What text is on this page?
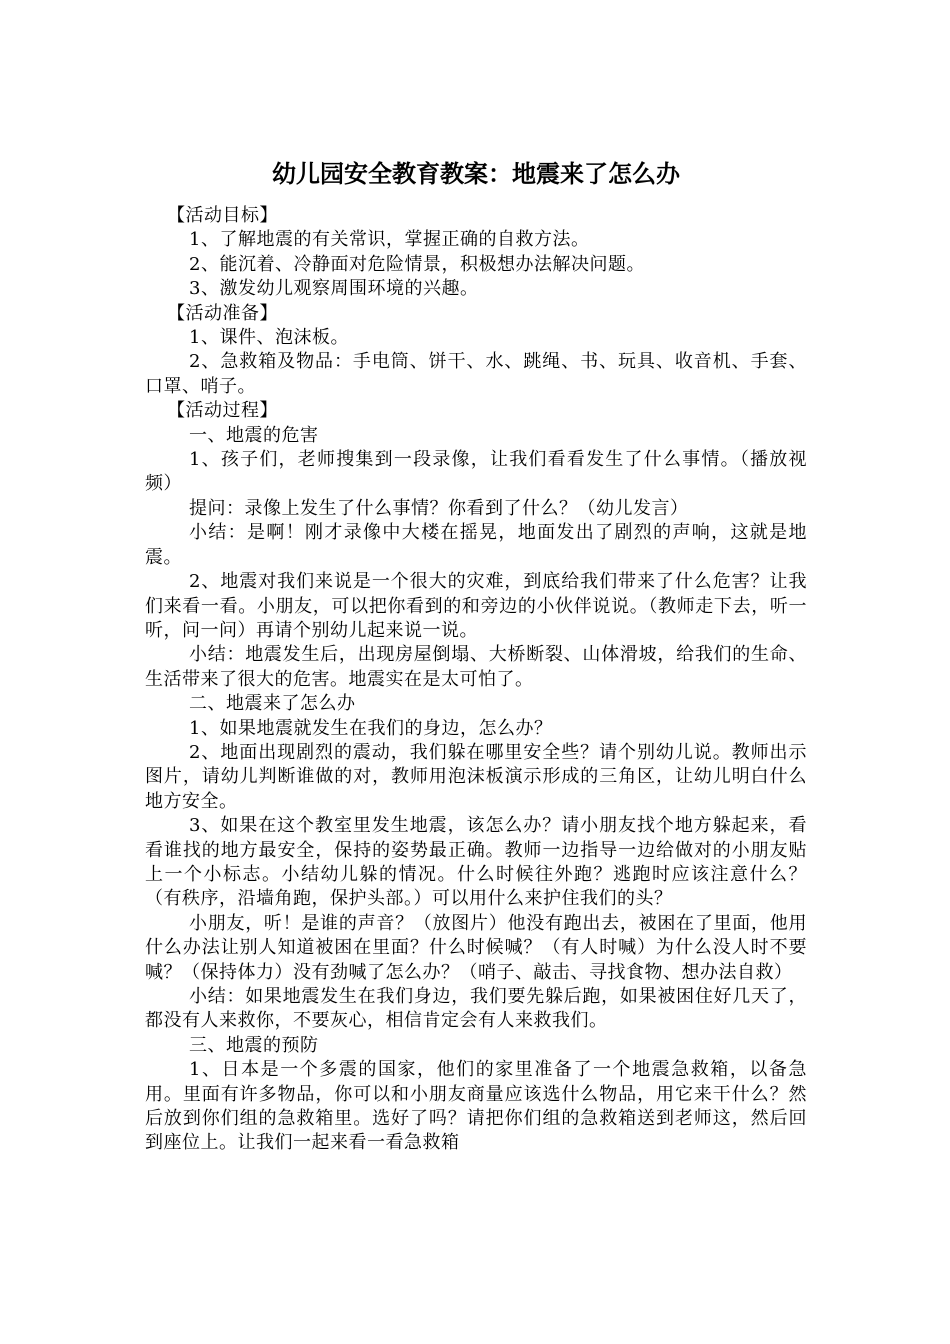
幼儿园安全教育教案：地震来了怎么办

【活动目标】

1、了解地震的有关常识，掌握正确的自救方法。

2、能沉着、冷静面对危险情景，积极想办法解决问题。

3、激发幼儿观察周围环境的兴趣。

【活动准备】

1、课件、泡沫板。

2、急救箱及物品：手电筒、饼干、水、跳绳、书、玩具、收音机、手套、口罩、哨子。

【活动过程】

一、地震的危害

1、孩子们，老师搜集到一段录像，让我们看看发生了什么事情。（播放视频）

提问：录像上发生了什么事情？你看到了什么？（幼儿发言）

小结：是啊！刚才录像中大楼在摇晃，地面发出了剧烈的声响，这就是地震。

2、地震对我们来说是一个很大的灾难，到底给我们带来了什么危害？让我们来看一看。小朋友，可以把你看到的和旁边的小伙伴说说。（教师走下去，听一听，问一问）再请个别幼儿起来说一说。

小结：地震发生后，出现房屋倒塌、大桥断裂、山体滑坡，给我们的生命、生活带来了很大的危害。地震实在是太可怕了。

二、地震来了怎么办

1、如果地震就发生在我们的身边，怎么办？

2、地面出现剧烈的震动，我们躲在哪里安全些？请个别幼儿说。教师出示图片，请幼儿判断谁做的对，教师用泡沫板演示形成的三角区，让幼儿明白什么地方安全。

3、如果在这个教室里发生地震，该怎么办？请小朋友找个地方躲起来，看看谁找的地方最安全，保持的姿势最正确。教师一边指导一边给做对的小朋友贴上一个小标志。小结幼儿躲的情况。什么时候往外跑？逃跑时应该注意什么？（有秩序，沿墙角跑，保护头部。）可以用什么来护住我们的头？

小朋友，听！是谁的声音？（放图片）他没有跑出去，被困在了里面，他用什么办法让别人知道被困在里面？什么时候喊？（有人时喊）为什么没人时不要喊？（保持体力）没有劲喊了怎么办？（哨子、敲击、寻找食物、想办法自救）

小结：如果地震发生在我们身边，我们要先躲后跑，如果被困住好几天了，都没有人来救你，不要灰心，相信肯定会有人来救我们。

三、地震的预防

1、日本是一个多震的国家，他们的家里准备了一个地震急救箱，以备急用。里面有许多物品，你可以和小朋友商量应该选什么物品，用它来干什么？然后放到你们组的急救箱里。选好了吗？请把你们组的急救箱送到老师这，然后回到座位上。让我们一起来看一看急救箱
